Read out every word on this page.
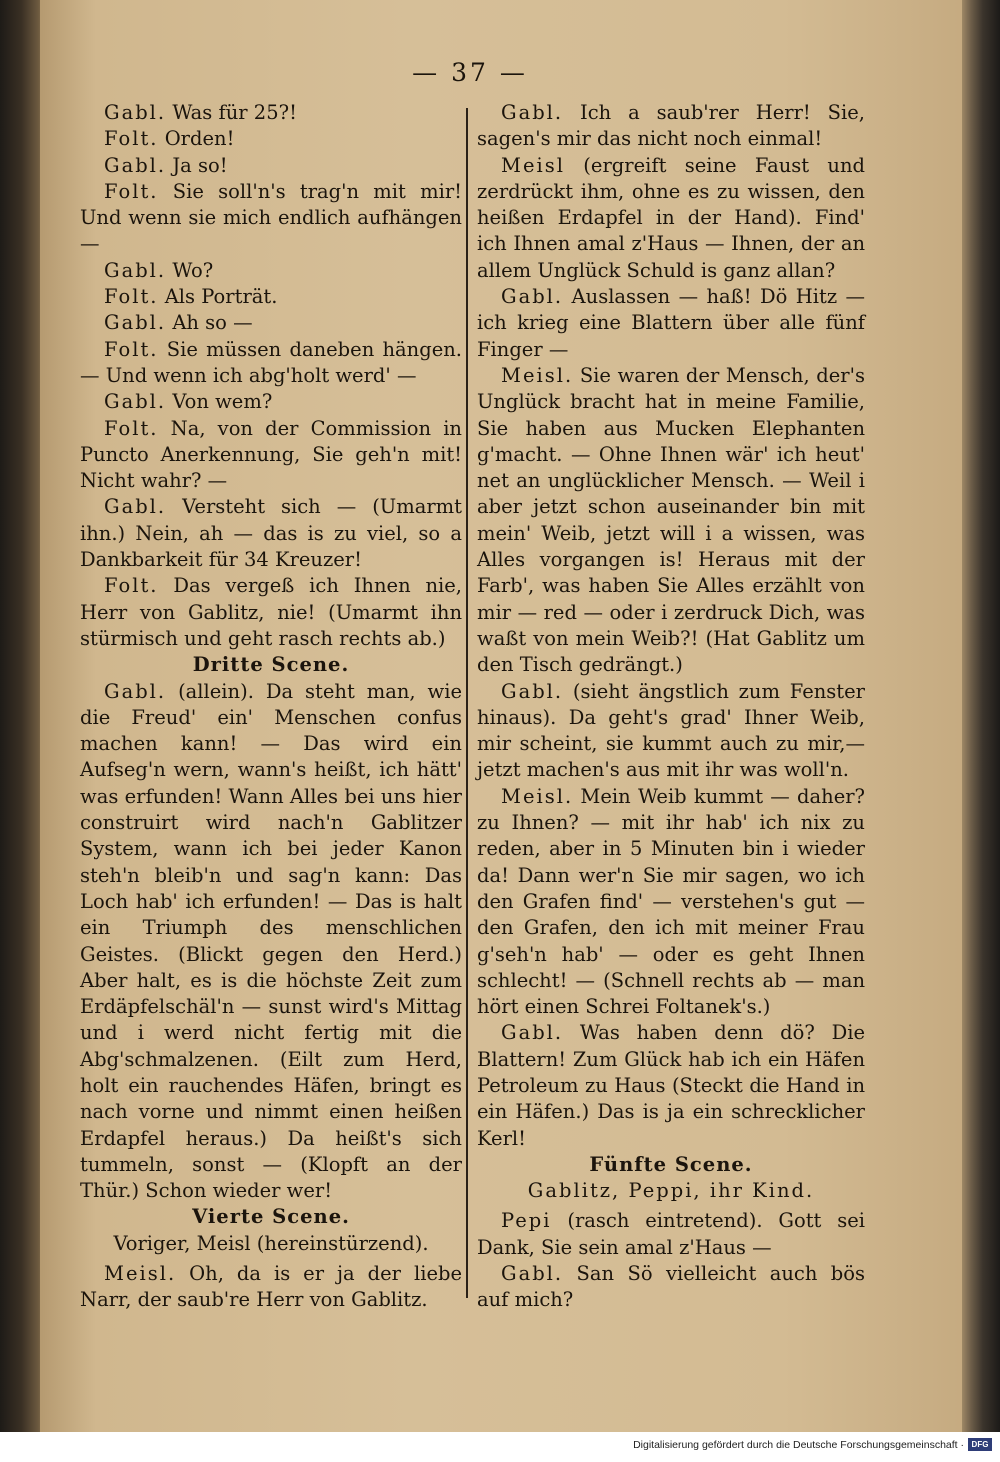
— 37 —

Gabl. Was für 25?!

Folt. Orden!

Gabl. Ja so!

Folt. Sie soll'n's trag'n mit mir! Und wenn sie mich endlich aufhängen —

Gabl. Wo?

Folt. Als Porträt.

Gabl. Ah so —

Folt. Sie müssen daneben hängen. — Und wenn ich abg'holt werd' —

Gabl. Von wem?

Folt. Na, von der Commission in Puncto Anerkennung, Sie geh'n mit! Nicht wahr? —

Gabl. Versteht sich — (Umarmt ihn.) Nein, ah — das is zu viel, so a Dankbarkeit für 34 Kreuzer!

Folt. Das vergeß ich Ihnen nie, Herr von Gablitz, nie! (Umarmt ihn stürmisch und geht rasch rechts ab.)

Dritte Scene.

Gabl. (allein). Da steht man, wie die Freud' ein' Menschen confus machen kann! — Das wird ein Aufseg'n wern, wann's heißt, ich hätt' was erfunden! Wann Alles bei uns hier construirt wird nach'n Gablitzer System, wann ich bei jeder Kanon steh'n bleib'n und sag'n kann: Das Loch hab' ich erfunden! — Das is halt ein Triumph des menschlichen Geistes. (Blickt gegen den Herd.) Aber halt, es is die höchste Zeit zum Erdäpfelschäl'n — sunst wird's Mittag und i werd nicht fertig mit die Abg'schmalzenen. (Eilt zum Herd, holt ein rauchendes Häfen, bringt es nach vorne und nimmt einen heißen Erdapfel heraus.) Da heißt's sich tummeln, sonst — (Klopft an der Thür.) Schon wieder wer!

Vierte Scene.

Voriger, Meisl (hereinstürzend).

Meisl. Oh, da is er ja der liebe Narr, der saub're Herr von Gablitz.

Gabl. Ich a saub'rer Herr! Sie, sagen's mir das nicht noch einmal!

Meisl (ergreift seine Faust und zerdrückt ihm, ohne es zu wissen, den heißen Erdapfel in der Hand). Find' ich Ihnen amal z'Haus — Ihnen, der an allem Unglück Schuld is ganz allan?

Gabl. Auslassen — haß! Dö Hitz — ich krieg eine Blattern über alle fünf Finger —

Meisl. Sie waren der Mensch, der's Unglück bracht hat in meine Familie, Sie haben aus Mucken Elephanten g'macht. — Ohne Ihnen wär' ich heut' net an unglücklicher Mensch. — Weil i aber jetzt schon auseinander bin mit mein' Weib, jetzt will i a wissen, was Alles vorgangen is! Heraus mit der Farb', was haben Sie Alles erzählt von mir — red — oder i zerdruck Dich, was waßt von mein Weib?! (Hat Gablitz um den Tisch gedrängt.)

Gabl. (sieht ängstlich zum Fenster hinaus). Da geht's grad' Ihner Weib, mir scheint, sie kummt auch zu mir,—jetzt machen's aus mit ihr was woll'n.

Meisl. Mein Weib kummt — daher? zu Ihnen? — mit ihr hab' ich nix zu reden, aber in 5 Minuten bin i wieder da! Dann wer'n Sie mir sagen, wo ich den Grafen find' — verstehen's gut — den Grafen, den ich mit meiner Frau g'seh'n hab' — oder es geht Ihnen schlecht! — (Schnell rechts ab — man hört einen Schrei Foltanek's.)

Gabl. Was haben denn dö? Die Blattern! Zum Glück hab ich ein Häfen Petroleum zu Haus (Steckt die Hand in ein Häfen.) Das is ja ein schrecklicher Kerl!

Fünfte Scene.

Gablitz, Peppi, ihr Kind.

Pepi (rasch eintretend). Gott sei Dank, Sie sein amal z'Haus —

Gabl. San Sö vielleicht auch bös auf mich?

Digitalisierung gefördert durch die Deutsche Forschungsgemeinschaft · DFG
